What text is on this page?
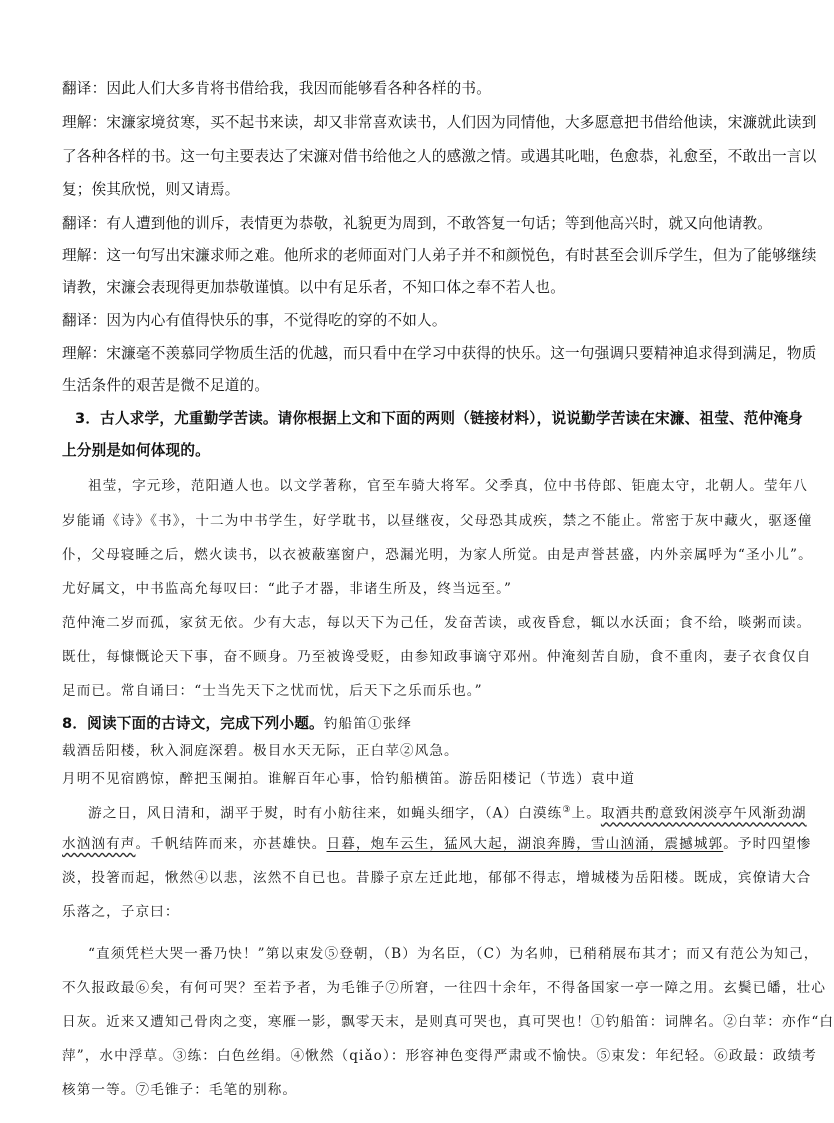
翻译：因此人们大多肯将书借给我，我因而能够看各种各样的书。
理解：宋濂家境贫寒，买不起书来读，却又非常喜欢读书，人们因为同情他，大多愿意把书借给他读，宋濂就此读到
了各种各样的书。这一句主要表达了宋濂对借书给他之人的感激之情。或遇其叱咄，色愈恭，礼愈至，不敢出一言以
复；俟其欣悦，则又请焉。
翻译：有人遭到他的训斥，表情更为恭敬，礼貌更为周到，不敢答复一句话；等到他高兴时，就又向他请教。
理解：这一句写出宋濂求师之难。他所求的老师面对门人弟子并不和颜悦色，有时甚至会训斥学生，但为了能够继续
请教，宋濂会表现得更加恭敬谨慎。以中有足乐者，不知口体之奉不若人也。
翻译：因为内心有值得快乐的事，不觉得吃的穿的不如人。
理解：宋濂毫不羡慕同学物质生活的优越，而只看中在学习中获得的快乐。这一句强调只要精神追求得到满足，物质
生活条件的艰苦是微不足道的。
3．古人求学，尤重勤学苦读。请你根据上文和下面的两则（链接材料），说说勤学苦读在宋濂、祖莹、范仲淹身
上分别是如何体现的。
祖莹，字元珍，范阳遒人也。以文学著称，官至车骑大将军。父季真，位中书侍郎、钜鹿太守，北朝人。莹年八
岁能诵《诗》《书》，十二为中书学生，好学耽书，以昼继夜，父母恐其成疾，禁之不能止。常密于灰中藏火，驱逐僮
仆，父母寝睡之后，燃火读书，以衣被蔽塞窗户，恐漏光明，为家人所觉。由是声誉甚盛，内外亲属呼为“圣小儿”。
尤好属文，中书监高允每叹曰：“此子才器，非诸生所及，终当远至。”
范仲淹二岁而孤，家贫无依。少有大志，每以天下为己任，发奋苦读，或夜昏怠，辄以水沃面；食不给，啖粥而读。
既仕，每慷慨论天下事，奋不顾身。乃至被谗受贬，由参知政事谪守邓州。仲淹刻苦自励，食不重肉，妻子衣食仅自
足而已。常自诵曰：“士当先天下之忧而忧，后天下之乐而乐也。”
8．阅读下面的古诗文，完成下列小题。钓船笛①张绎
载酒岳阳楼，秋入洞庭深碧。极目水天无际，正白苹②风急。
月明不见宿鸥惊，醉把玉阑拍。谁解百年心事，恰钓船横笛。游岳阳楼记（节选）袁中道
游之日，风日清和，湖平于熨，时有小舫往来，如蝇头细字，（A）白漠练③上。取酒共酌意致闲淡亭午风渐劲湖
水汹汹有声。千帆结阵而来，亦甚雄快。日暮，炮车云生，猛风大起，湖浪奔腾，雪山汹涌，震撼城郭。予时四望惨
淡，投箸而起，愀然④以悲，泫然不自已也。昔滕子京左迁此地，郁郁不得志，增城楼为岳阳楼。既成，宾僚请大合
乐落之，子京曰：
“直须凭栏大哭一番乃快！”第以束发⑤登朝，（B）为名臣，（C）为名帅，已稍稍展布其才；而又有范公为知己，
不久报政最⑥矣，有何可哭？至若予者，为毛锥子⑦所窘，一往四十余年，不得备国家一亭一障之用。玄鬓已皤，壮心
日灰。近来又遭知己骨肉之变，寒雁一影，飘零天末，是则真可哭也，真可哭也！①钓船笛：词牌名。②白苹：亦作“白
萍”，水中浮草。③练：白色丝绢。④愀然（qiǎo）：形容神色变得严肃或不愉快。⑤束发：年纪轻。⑥政最：政绩考
核第一等。⑦毛锥子：毛笔的别称。
